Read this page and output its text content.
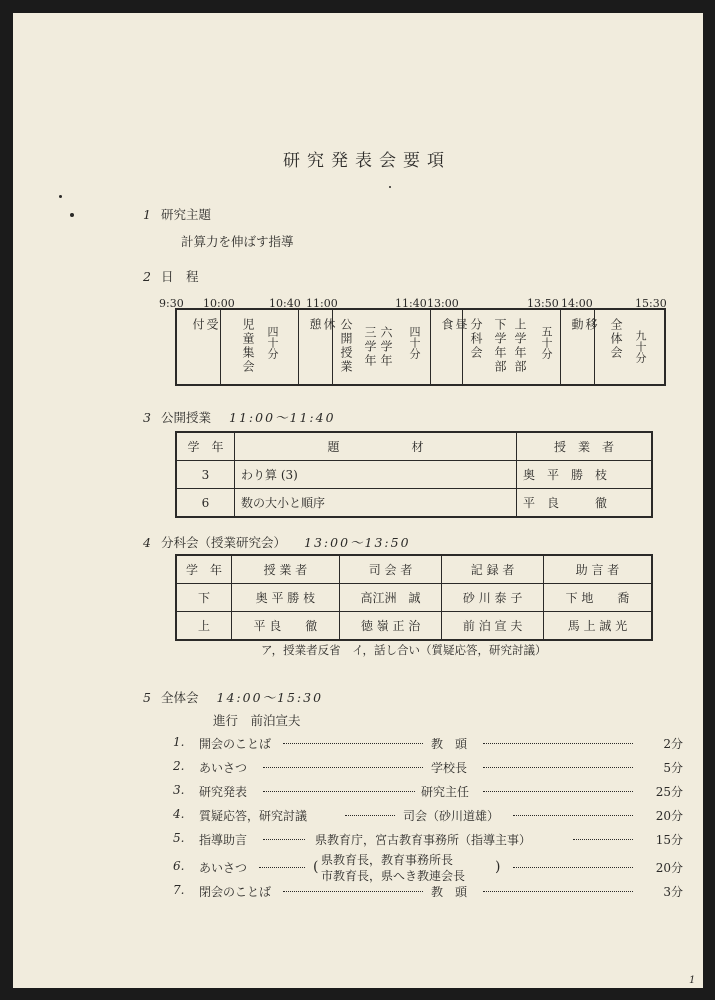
研究発表会要項
1 研究主題
計算力を伸ばす指導
2 日　程
9:30 10:00	10:40 11:00	11:40 13:00	13:50 14:00	15:30
受付	児童集会 四十分	休憩	公開授業 三学年 六学年 四十分	昼食	分科会 下学年部 上学年部 五十分	移動	全体会 九十分
3 公開授業 11:00〜11:40
学　年	題　　　　　　材	授　業　者
3	わり算 (3)	奥　平　勝　枝
6	数の大小と順序	平　良　　　徹
4 分科会（授業研究会） 13:00〜13:50
学　年	授 業 者	司 会 者	記 録 者	助 言 者
下	奥 平 勝 枝	高江洲　誠	砂 川 泰 子	下 地　　喬
上	平 良　　徹	徳 嶺 正 治	前 泊 宣 夫	馬 上 誠 光
ア，授業者反省　イ，話し合い（質疑応答，研究討議）
5 全体会 14:00〜15:30
進行　前泊宣夫
1. 開会のことば	教　頭	2分
2. あいさつ	学校長	5分
3. 研究発表	研究主任	25分
4. 質疑応答，研究討議	司会（砂川道雄）	20分
5. 指導助言	県教育庁，宮古教育事務所（指導主事）	15分
6. あいさつ	( 県教育長，教育事務所長
市教育長，県へき教連会長
)	20分
7. 閉会のことば	教　頭	3分
1
